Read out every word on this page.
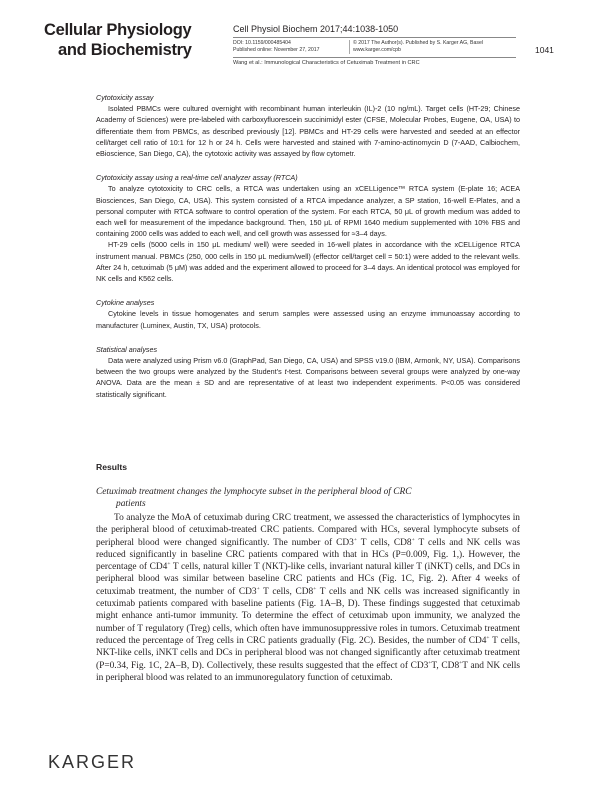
Cellular Physiology
and Biochemistry
Cell Physiol Biochem 2017;44:1038-1050
DOI: 10.1159/000485404
Published online: November 27, 2017
© 2017 The Author(s). Published by S. Karger AG, Basel
www.karger.com/cpb
Wang et al.: Immunological Characteristics of Cetuximab Treatment in CRC
1041
Cytotoxicity assay

Isolated PBMCs were cultured overnight with recombinant human interleukin (IL)-2 (10 ng/mL). Target cells (HT-29; Chinese Academy of Sciences) were pre-labeled with carboxyfluorescein succinimidyl ester (CFSE, Molecular Probes, Eugene, OA, USA) to differentiate them from PBMCs, as described previously [12]. PBMCs and HT-29 cells were harvested and seeded at an effector cell/target cell ratio of 10:1 for 12 h or 24 h. Cells were harvested and stained with 7-amino-actinomycin D (7-AAD, Calbiochem, eBioscience, San Diego, CA), the cytotoxic activity was assayed by flow cytometr.

Cytotoxicity assay using a real-time cell analyzer assay (RTCA)

To analyze cytotoxicity to CRC cells, a RTCA was undertaken using an xCELLigence™ RTCA system (E-plate 16; ACEA Biosciences, San Diego, CA, USA). This system consisted of a RTCA impedance analyzer, a SP station, 16-well E-Plates, and a personal computer with RTCA software to control operation of the system. For each RTCA, 50 μL of growth medium was added to each well for measurement of the impedance background. Then, 150 μL of RPMI 1640 medium supplemented with 10% FBS and containing 2000 cells was added to each well, and cell growth was assessed for ≈3–4 days.

HT-29 cells (5000 cells in 150 μL medium/ well) were seeded in 16-well plates in accordance with the xCELLigence RTCA instrument manual. PBMCs (250, 000 cells in 150 μL medium/well) (effector cell/target cell = 50:1) were added to the relevant wells. After 24 h, cetuximab (5 μM) was added and the experiment allowed to proceed for 3–4 days. An identical protocol was employed for NK cells and K562 cells.

Cytokine analyses

Cytokine levels in tissue homogenates and serum samples were assessed using an enzyme immunoassay according to manufacturer (Luminex, Austin, TX, USA) protocols.

Statistical analyses

Data were analyzed using Prism v6.0 (GraphPad, San Diego, CA, USA) and SPSS v19.0 (IBM, Armonk, NY, USA). Comparisons between the two groups were analyzed by the Student’s t-test. Comparisons between several groups were analyzed by one-way ANOVA. Data are the mean ± SD and are representative of at least two independent experiments. P<0.05 was considered statistically significant.

Results
Cetuximab treatment changes the lymphocyte subset in the peripheral blood of CRC
patients

To analyze the MoA of cetuximab during CRC treatment, we assessed the characteristics of lymphocytes in the peripheral blood of cetuximab-treated CRC patients. Compared with HCs, several lymphocyte subsets of peripheral blood were changed significantly. The number of CD3+ T cells, CD8+ T cells and NK cells was reduced significantly in baseline CRC patients compared with that in HCs (P=0.009, Fig. 1,). However, the percentage of CD4+ T cells, natural killer T (NKT)-like cells, invariant natural killer T (iNKT) cells, and DCs in peripheral blood was similar between baseline CRC patients and HCs (Fig. 1C, Fig. 2). After 4 weeks of cetuximab treatment, the number of CD3+ T cells, CD8+ T cells and NK cells was increased significantly in cetuximab patients compared with baseline patients (Fig. 1A–B, D). These findings suggested that cetuximab might enhance anti-tumor immunity. To determine the effect of cetuximab upon immunity, we analyzed the number of T regulatory (Treg) cells, which often have immunosuppressive roles in tumors. Cetuximab treatment reduced the percentage of Treg cells in CRC patients gradually (Fig. 2C). Besides, the number of CD4+ T cells, NKT-like cells, iNKT cells and DCs in peripheral blood was not changed significantly after cetuximab treatment (P=0.34, Fig. 1C, 2A–B, D). Collectively, these results suggested that the effect of CD3+T, CD8+T and NK cells in peripheral blood was related to an immunoregulatory function of cetuximab.

KARGER
